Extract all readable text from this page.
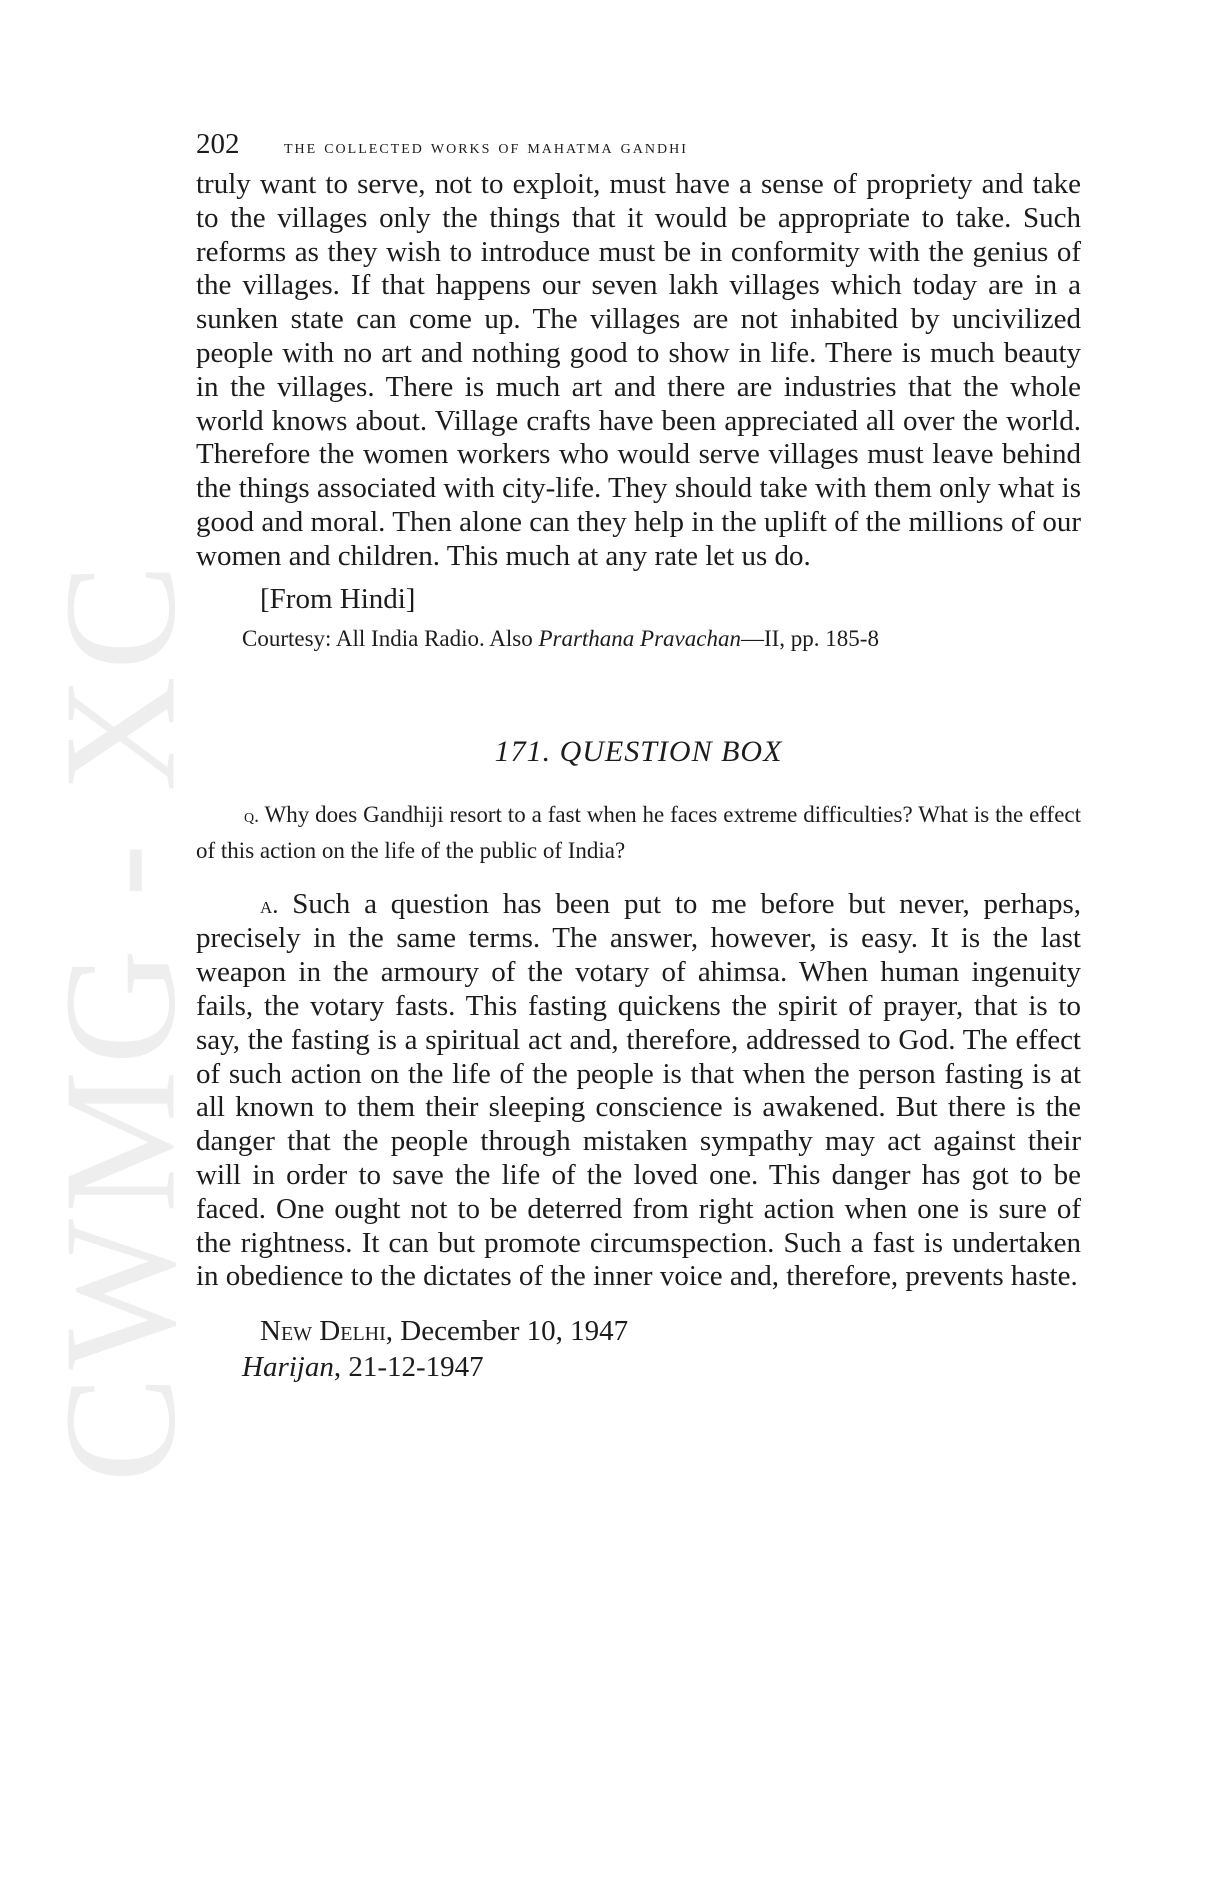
CWMG - XC
202	the collected works of mahatma gandhi

truly want to serve, not to exploit, must have a sense of propriety and take to the villages only the things that it would be appropriate to take. Such reforms as they wish to introduce must be in conformity with the genius of the villages. If that happens our seven lakh villages which today are in a sunken state can come up. The villages are not inhabited by uncivilized people with no art and nothing good to show in life. There is much beauty in the villages. There is much art and there are industries that the whole world knows about. Village crafts have been appreciated all over the world. Therefore the women workers who would serve villages must leave behind the things associated with city-life. They should take with them only what is good and moral. Then alone can they help in the uplift of the millions of our women and children. This much at any rate let us do.

[From Hindi]
Courtesy: All India Radio. Also Prarthana Pravachan—II, pp. 185-8
171. QUESTION BOX

q. Why does Gandhiji resort to a fast when he faces extreme difficulties? What is the effect of this action on the life of the public of India?

a. Such a question has been put to me before but never, perhaps, precisely in the same terms. The answer, however, is easy. It is the last weapon in the armoury of the votary of ahimsa. When human ingenuity fails, the votary fasts. This fasting quickens the spirit of prayer, that is to say, the fasting is a spiritual act and, therefore, addressed to God. The effect of such action on the life of the people is that when the person fasting is at all known to them their sleeping conscience is awakened. But there is the danger that the people through mistaken sympathy may act against their will in order to save the life of the loved one. This danger has got to be faced. One ought not to be deterred from right action when one is sure of the rightness. It can but promote circumspection. Such a fast is undertaken in obedience to the dictates of the inner voice and, therefore, prevents haste.

New Delhi, December 10, 1947
Harijan, 21-12-1947
